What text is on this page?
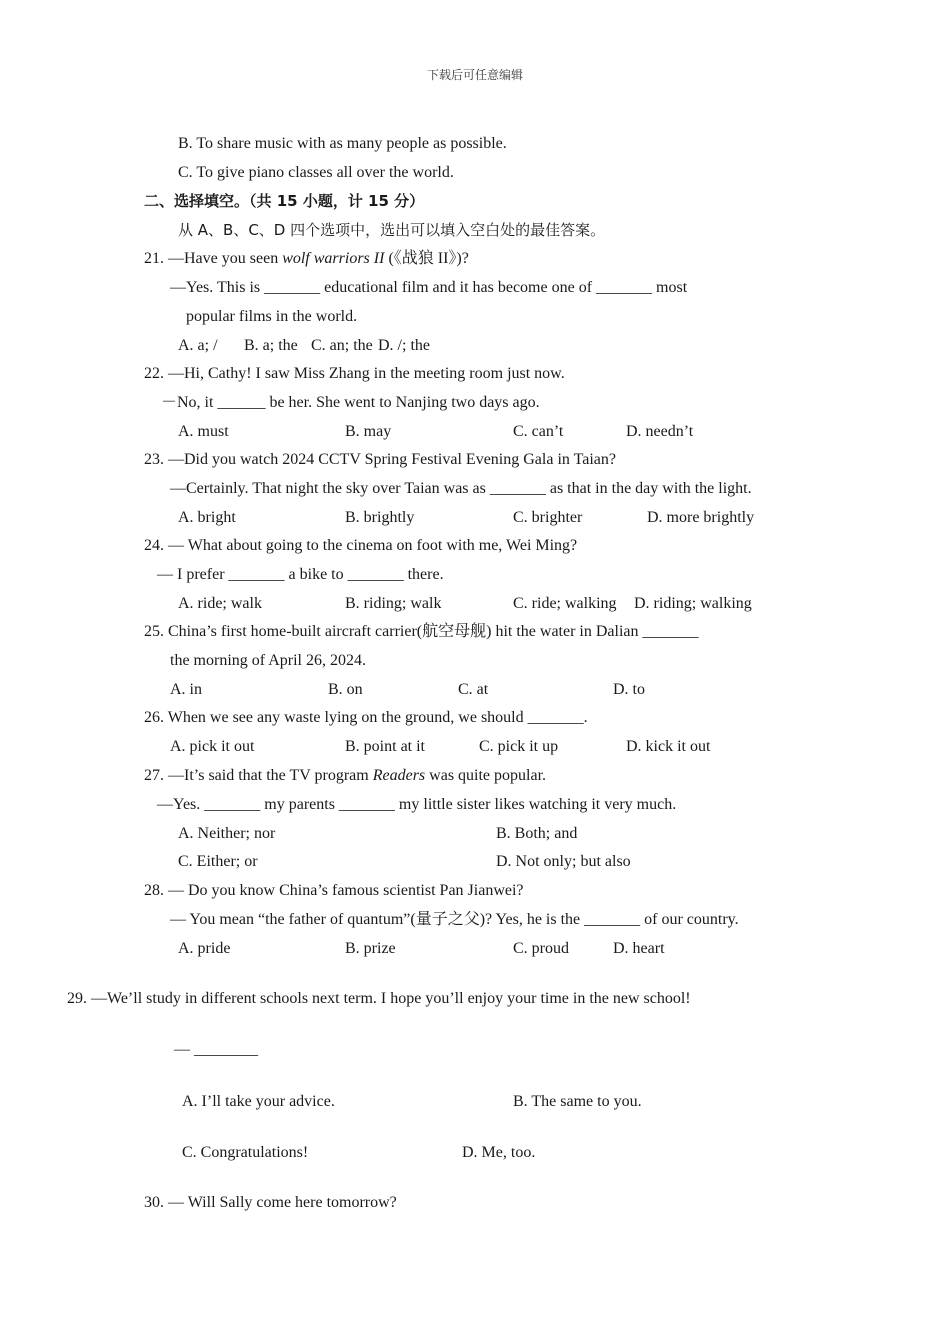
下载后可任意编辑
B. To share music with as many people as possible.
C. To give piano classes all over the world.
二、选择填空。（共 15 小题，计 15 分）
从 A、B、C、D 四个选项中，选出可以填入空白处的最佳答案。
21. —Have you seen wolf warriors II (《战狼 II》)?
—Yes. This is _______ educational film and it has become one of _______ most
popular films in the world.
A. a; / B. a; the C. an; the D. /; the
22. —Hi, Cathy! I saw Miss Zhang in the meeting room just now.
－No, it ______ be her. She went to Nanjing two days ago.
A. must	B. may	C. can’t	D. needn’t
23. —Did you watch 2024 CCTV Spring Festival Evening Gala in Taian?
—Certainly. That night the sky over Taian was as _______ as that in the day with the light.
A. bright	B. brightly	C. brighter	D. more brightly
24. — What about going to the cinema on foot with me, Wei Ming?
— I prefer _______ a bike to _______ there.
A. ride; walk	B. riding; walk	C. ride; walking D. riding; walking
25. China’s first home-built aircraft carrier(航空母舰) hit the water in Dalian _______
the morning of April 26, 2024.
A. in	B. on	C. at	D. to
26. When we see any waste lying on the ground, we should _______.
A. pick it out	B. point at it	C. pick it up	D. kick it out
27. —It’s said that the TV program Readers was quite popular.
—Yes. _______ my parents _______ my little sister likes watching it very much.
A. Neither; nor	B. Both; and
C. Either; or	D. Not only; but also
28. — Do you know China’s famous scientist Pan Jianwei?
— You mean “the father of quantum”(量子之父)? Yes, he is the _______ of our country.
A. pride	B. prize	C. proud	D. heart
29. —We’ll study in different schools next term. I hope you’ll enjoy your time in the new school!
— ________
A. I’ll take your advice.	B. The same to you.
C. Congratulations!	D. Me, too.
30. — Will Sally come here tomorrow?
